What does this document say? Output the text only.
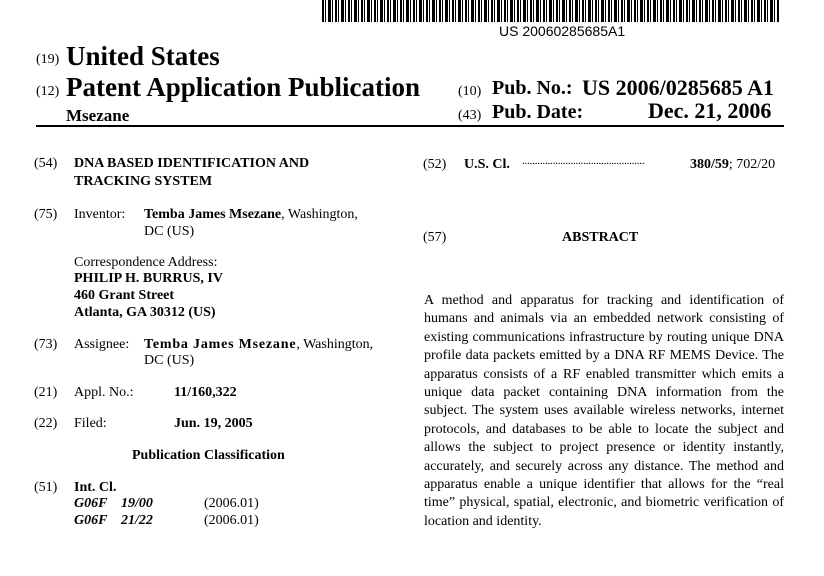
US 20060285685A1
(19) United States
(12) Patent Application Publication
Msezane
(10) Pub. No.: US 2006/0285685 A1
(43) Pub. Date:	Dec. 21, 2006
(54) DNA BASED IDENTIFICATION AND
TRACKING SYSTEM
(75) Inventor: Temba James Msezane, Washington,
DC (US)
Correspondence Address:
PHILIP H. BURRUS, IV
460 Grant Street
Atlanta, GA 30312 (US)
(73) Assignee: Temba James Msezane, Washington,
DC (US)
(21) Appl. No.:	11/160,322
(22) Filed:	Jun. 19, 2005
Publication Classification
(51) Int. Cl.
G06F 19/00	(2006.01)
G06F 21/22	(2006.01)
(52) U.S. Cl. ................................................	380/59; 702/20
(57)	ABSTRACT
A method and apparatus for tracking and identification of humans and animals via an embedded network consisting of existing communications infrastructure by routing unique DNA profile data packets emitted by a DNA RF MEMS Device. The apparatus consists of a RF enabled transmitter which emits a unique data packet containing DNA information from the subject. The system uses available wireless networks, internet protocols, and databases to be able to locate the subject and allows the subject to project presence or identity instantly, accurately, and securely across any distance. The method and apparatus enable a unique identifier that allows for the “real time” physical, spatial, electronic, and biometric verification of location and identity.
